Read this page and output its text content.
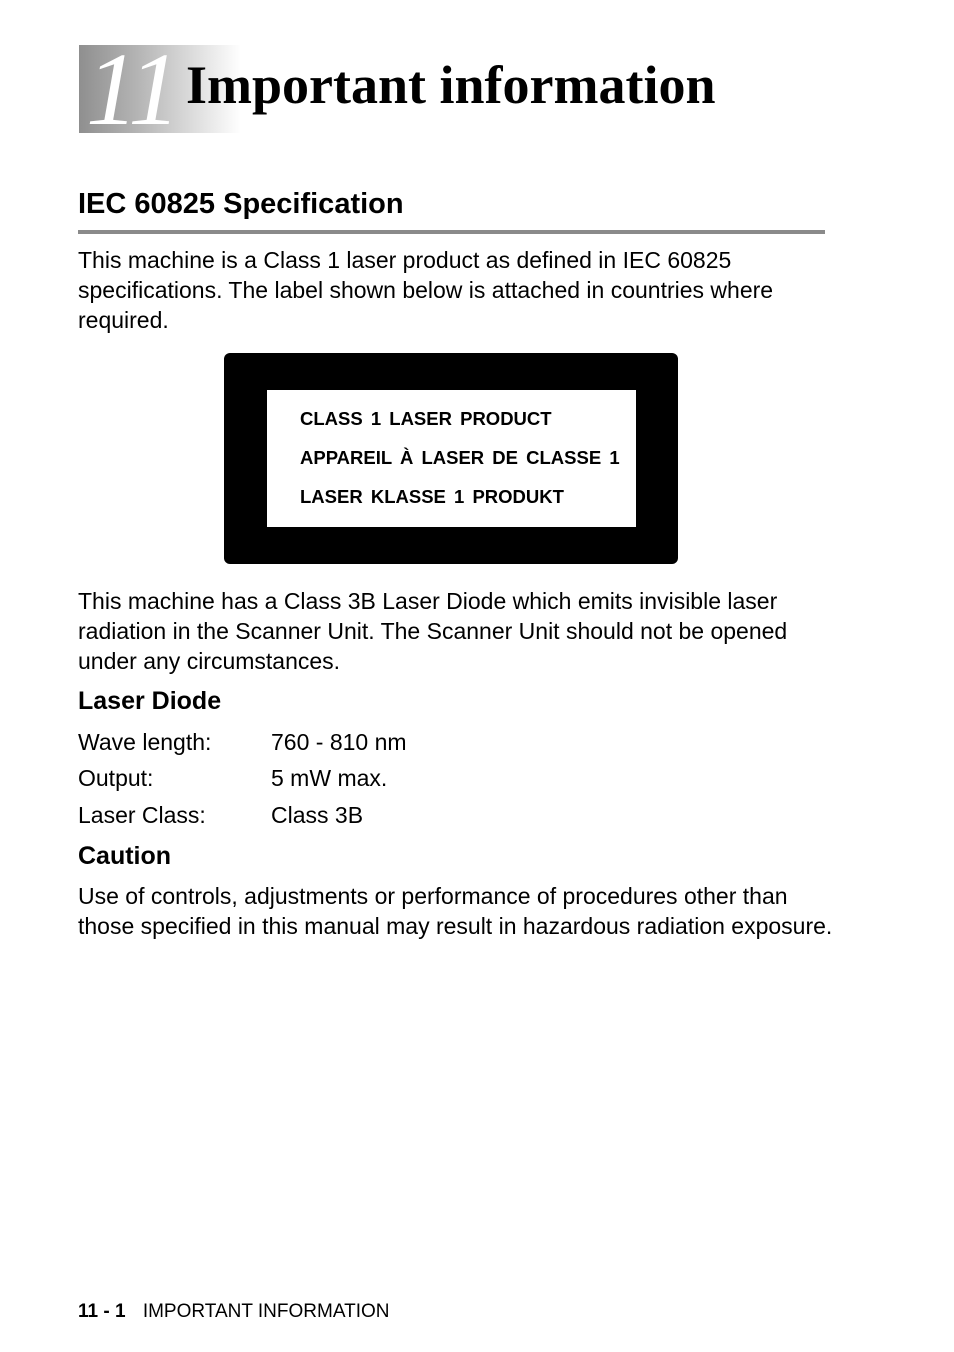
11 Important information
IEC 60825 Specification

This machine is a Class 1 laser product as defined in IEC 60825 specifications. The label shown below is attached in countries where required.

CLASS 1 LASER PRODUCT

APPAREIL À LASER DE CLASSE 1

LASER KLASSE 1 PRODUKT

This machine has a Class 3B Laser Diode which emits invisible laser radiation in the Scanner Unit. The Scanner Unit should not be opened under any circumstances.

Laser Diode
Wave length:	760 - 810 nm
Output:	5 mW max.
Laser Class:	Class 3B
Caution

Use of controls, adjustments or performance of procedures other than those specified in this manual may result in hazardous radiation exposure.

11 - 1 IMPORTANT INFORMATION
